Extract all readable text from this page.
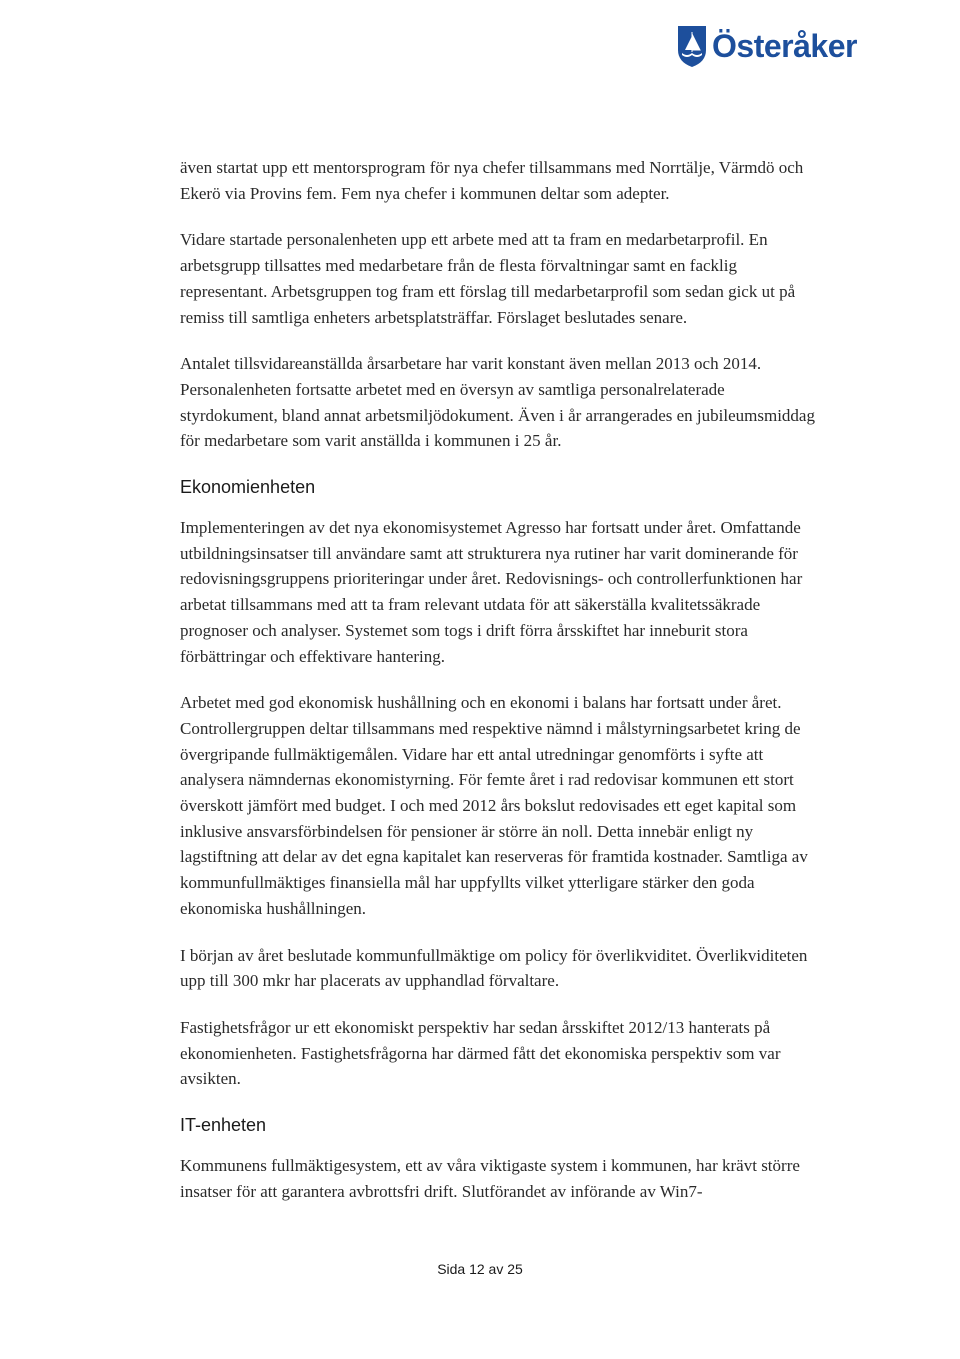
Österåker

även startat upp ett mentorsprogram för nya chefer tillsammans med Norrtälje, Värmdö och Ekerö via Provins fem. Fem nya chefer i kommunen deltar som adepter.

Vidare startade personalenheten upp ett arbete med att ta fram en medarbetarprofil. En arbetsgrupp tillsattes med medarbetare från de flesta förvaltningar samt en facklig representant. Arbetsgruppen tog fram ett förslag till medarbetarprofil som sedan gick ut på remiss till samtliga enheters arbetsplatsträffar. Förslaget beslutades senare.

Antalet tillsvidareanställda årsarbetare har varit konstant även mellan 2013 och 2014. Personalenheten fortsatte arbetet med en översyn av samtliga personalrelaterade styrdokument, bland annat arbetsmiljödokument. Även i år arrangerades en jubileumsmiddag för medarbetare som varit anställda i kommunen i 25 år.

Ekonomienheten

Implementeringen av det nya ekonomisystemet Agresso har fortsatt under året. Omfattande utbildningsinsatser till användare samt att strukturera nya rutiner har varit dominerande för redovisningsgruppens prioriteringar under året. Redovisnings- och controllerfunktionen har arbetat tillsammans med att ta fram relevant utdata för att säkerställa kvalitetssäkrade prognoser och analyser. Systemet som togs i drift förra årsskiftet har inneburit stora förbättringar och effektivare hantering.

Arbetet med god ekonomisk hushållning och en ekonomi i balans har fortsatt under året. Controllergruppen deltar tillsammans med respektive nämnd i målstyrningsarbetet kring de övergripande fullmäktigemålen. Vidare har ett antal utredningar genomförts i syfte att analysera nämndernas ekonomistyrning. För femte året i rad redovisar kommunen ett stort överskott jämfört med budget. I och med 2012 års bokslut redovisades ett eget kapital som inklusive ansvarsförbindelsen för pensioner är större än noll. Detta innebär enligt ny lagstiftning att delar av det egna kapitalet kan reserveras för framtida kostnader. Samtliga av kommunfullmäktiges finansiella mål har uppfyllts vilket ytterligare stärker den goda ekonomiska hushållningen.

I början av året beslutade kommunfullmäktige om policy för överlikviditet. Överlikviditeten upp till 300 mkr har placerats av upphandlad förvaltare.

Fastighetsfrågor ur ett ekonomiskt perspektiv har sedan årsskiftet 2012/13 hanterats på ekonomienheten. Fastighetsfrågorna har därmed fått det ekonomiska perspektiv som var avsikten.

IT-enheten

Kommunens fullmäktigesystem, ett av våra viktigaste system i kommunen, har krävt större insatser för att garantera avbrottsfri drift. Slutförandet av införande av Win7-

Sida 12 av 25
